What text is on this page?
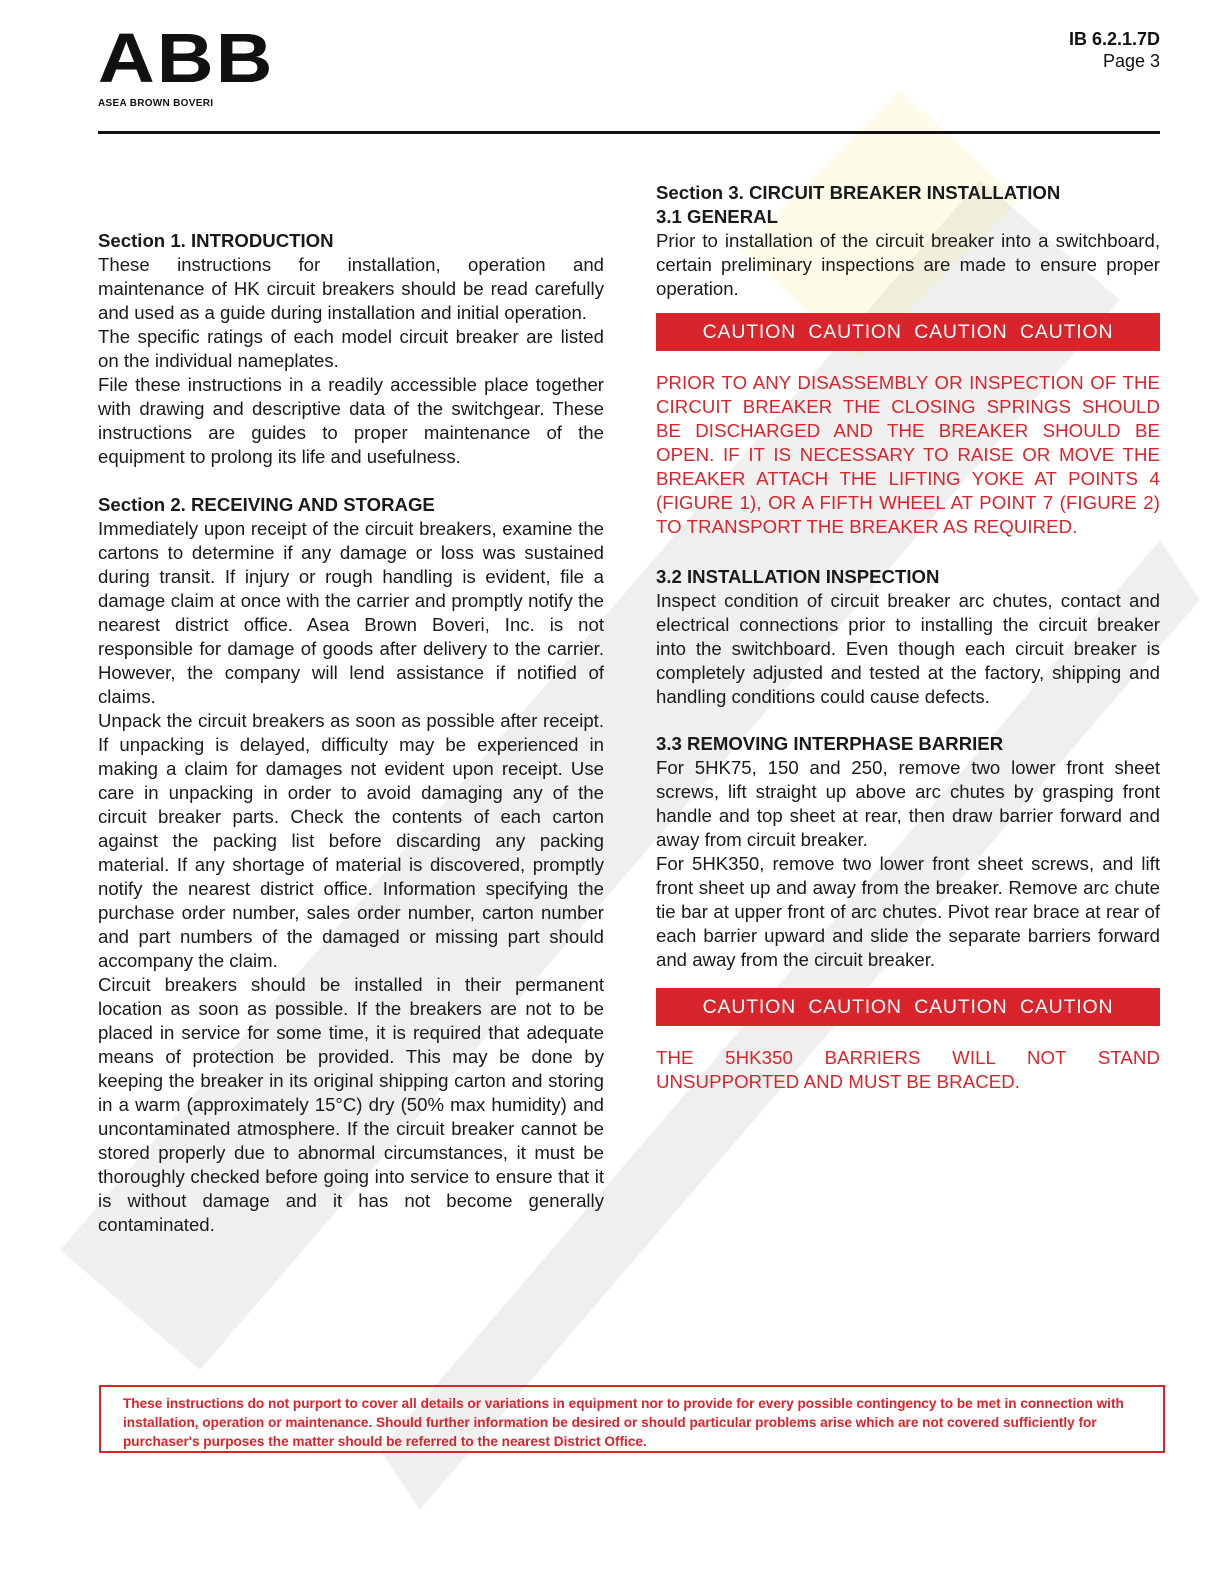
ABB
ASEA BROWN BOVERI
IB 6.2.1.7D
Page 3
Section 1. INTRODUCTION

These instructions for installation, operation and maintenance of HK circuit breakers should be read carefully and used as a guide during installation and initial operation.

The specific ratings of each model circuit breaker are listed on the individual nameplates.

File these instructions in a readily accessible place together with drawing and descriptive data of the switchgear. These instructions are guides to proper maintenance of the equipment to prolong its life and usefulness.

Section 2. RECEIVING AND STORAGE

Immediately upon receipt of the circuit breakers, examine the cartons to determine if any damage or loss was sustained during transit. If injury or rough handling is evident, file a damage claim at once with the carrier and promptly notify the nearest district office. Asea Brown Boveri, Inc. is not responsible for damage of goods after delivery to the carrier. However, the company will lend assistance if notified of claims.

Unpack the circuit breakers as soon as possible after receipt. If unpacking is delayed, difficulty may be experienced in making a claim for damages not evident upon receipt. Use care in unpacking in order to avoid damaging any of the circuit breaker parts. Check the contents of each carton against the packing list before discarding any packing material. If any shortage of material is discovered, promptly notify the nearest district office. Information specifying the purchase order number, sales order number, carton number and part numbers of the damaged or missing part should accompany the claim.

Circuit breakers should be installed in their permanent location as soon as possible. If the breakers are not to be placed in service for some time, it is required that adequate means of protection be provided. This may be done by keeping the breaker in its original shipping carton and storing in a warm (approximately 15°C) dry (50% max humidity) and uncontaminated atmosphere. If the circuit breaker cannot be stored properly due to abnormal circumstances, it must be thoroughly checked before going into service to ensure that it is without damage and it has not become generally contaminated.

Section 3. CIRCUIT BREAKER INSTALLATION
3.1 GENERAL

Prior to installation of the circuit breaker into a switchboard, certain preliminary inspections are made to ensure proper operation.

CAUTION  CAUTION  CAUTION  CAUTION

PRIOR TO ANY DISASSEMBLY OR INSPECTION OF THE CIRCUIT BREAKER THE CLOSING SPRINGS SHOULD BE DISCHARGED AND THE BREAKER SHOULD BE OPEN. IF IT IS NECESSARY TO RAISE OR MOVE THE BREAKER ATTACH THE LIFTING YOKE AT POINTS 4 (FIGURE 1), OR A FIFTH WHEEL AT POINT 7 (FIGURE 2) TO TRANSPORT THE BREAKER AS REQUIRED.

3.2 INSTALLATION INSPECTION

Inspect condition of circuit breaker arc chutes, contact and electrical connections prior to installing the circuit breaker into the switchboard. Even though each circuit breaker is completely adjusted and tested at the factory, shipping and handling conditions could cause defects.

3.3 REMOVING INTERPHASE BARRIER

For 5HK75, 150 and 250, remove two lower front sheet screws, lift straight up above arc chutes by grasping front handle and top sheet at rear, then draw barrier forward and away from circuit breaker.

For 5HK350, remove two lower front sheet screws, and lift front sheet up and away from the breaker. Remove arc chute tie bar at upper front of arc chutes. Pivot rear brace at rear of each barrier upward and slide the separate barriers forward and away from the circuit breaker.

CAUTION  CAUTION  CAUTION  CAUTION

THE 5HK350 BARRIERS WILL NOT STAND UNSUPPORTED AND MUST BE BRACED.

These instructions do not purport to cover all details or variations in equipment nor to provide for every possible contingency to be met in connection with installation, operation or maintenance. Should further information be desired or should particular problems arise which are not covered sufficiently for purchaser's purposes the matter should be referred to the nearest District Office.
